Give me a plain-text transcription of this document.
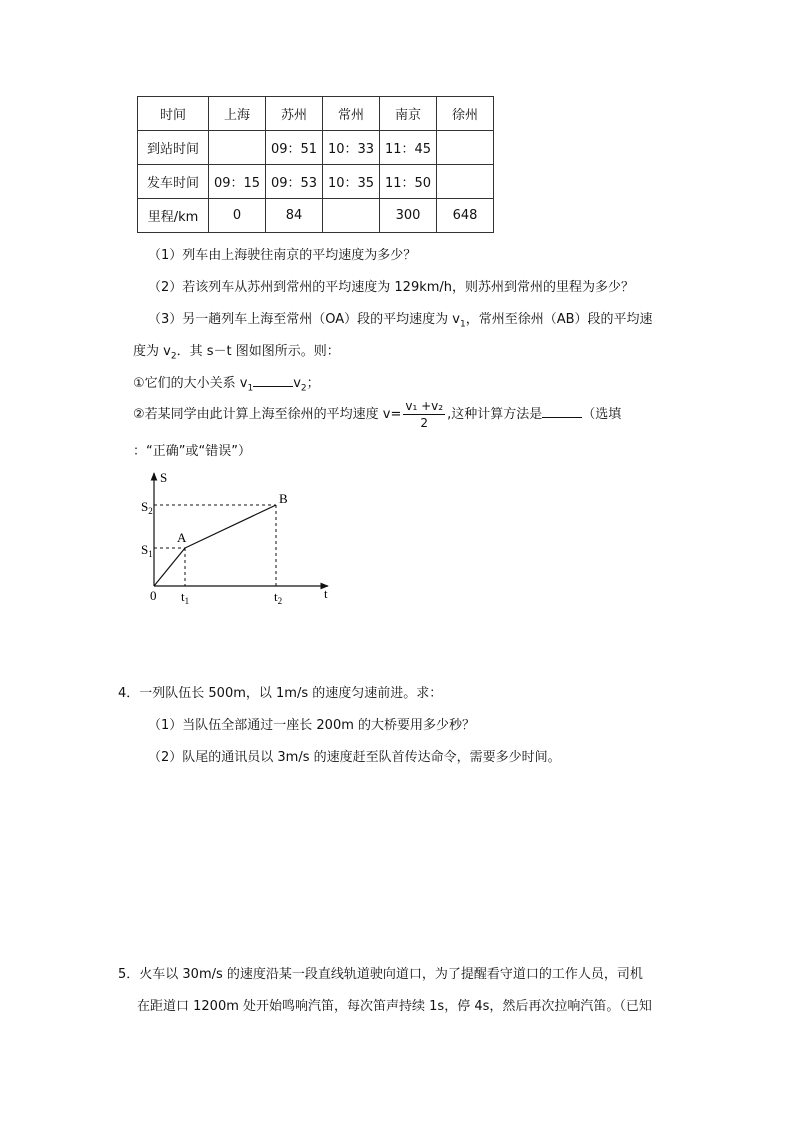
时间	上海	苏州	常州	南京	徐州
到站时间		09：51	10：33	11：45	
发车时间	09：15	09：53	10：35	11：50	
里程/km	0	84		300	648
（1）列车由上海驶往南京的平均速度为多少？
（2）若该列车从苏州到常州的平均速度为 129km/h，则苏州到常州的里程为多少？
（3）另一趟列车上海至常州（OA）段的平均速度为 $v_1$，常州至徐州（AB）段的平均速
度为 $v_2$．其 s－t 图如图所示。则：
①它们的大小关系 $v_1$	$v_2$；
②若某同学由此计算上海至徐州的平均速度 $v= \frac{\text{v₁ +v₂}}{2}$ ,这种计算方法是	（选填
：“正确”或“错误”）
S
t
0
$S_1$
$S_2$
$t_1$	$t_2$
A
B
4．一列队伍长 500m，以 1m/s 的速度匀速前进。求：
（1）当队伍全部通过一座长 200m 的大桥要用多少秒？
（2）队尾的通讯员以 3m/s 的速度赶至队首传达命令，需要多少时间。
5．火车以 30m/s 的速度沿某一段直线轨道驶向道口，为了提醒看守道口的工作人员，司机
在距道口 1200m 处开始鸣响汽笛，每次笛声持续 1s，停 4s，然后再次拉响汽笛。（已知
